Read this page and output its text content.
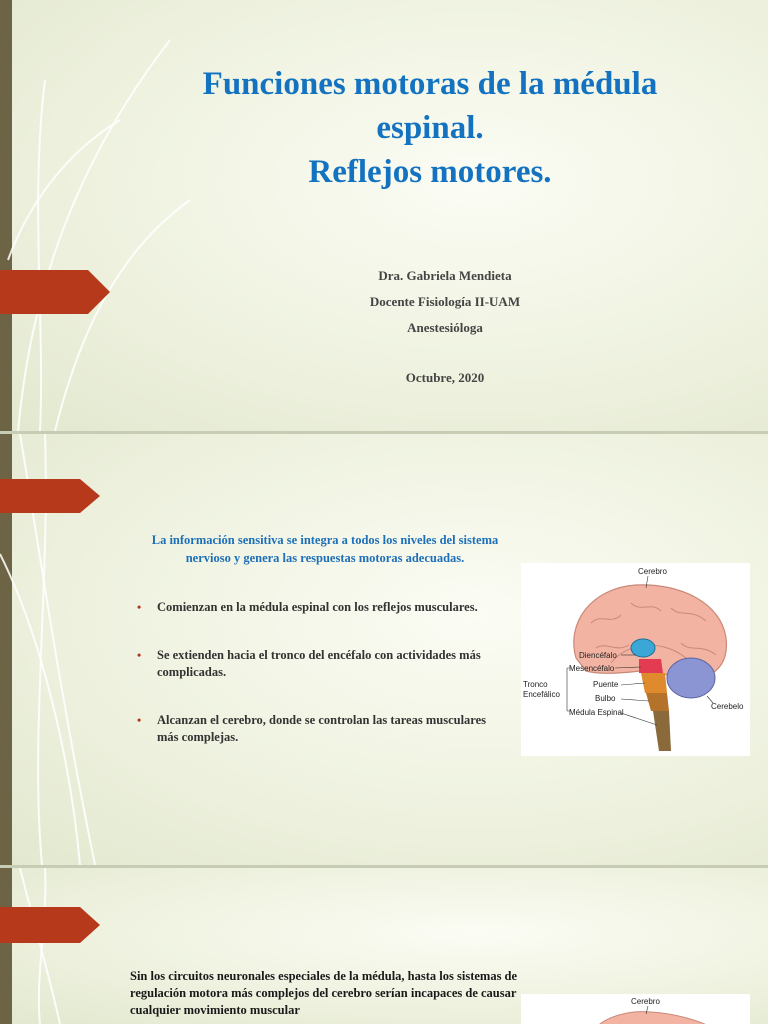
Funciones motoras de la médula
espinal.
Reflejos motores.
Dra. Gabriela Mendieta
Docente Fisiología II-UAM
Anestesióloga
Octubre, 2020
La información sensitiva se integra a todos los niveles del sistema nervioso y genera las respuestas motoras adecuadas.
• Comienzan en la médula espinal con los reflejos musculares.
• Se extienden hacia el tronco del encéfalo con actividades más complicadas.
• Alcanzan el cerebro, donde se controlan las tareas musculares más complejas.
Cerebro
Diencéfalo
Mesencéfalo
Puente
Bulbo
Médula Espinal
Cerebelo
Tronco
Encefálico
Sin los circuitos neuronales especiales de la médula, hasta los sistemas de regulación motora más complejos del cerebro serían incapaces de causar cualquier movimiento muscular
Cerebro
